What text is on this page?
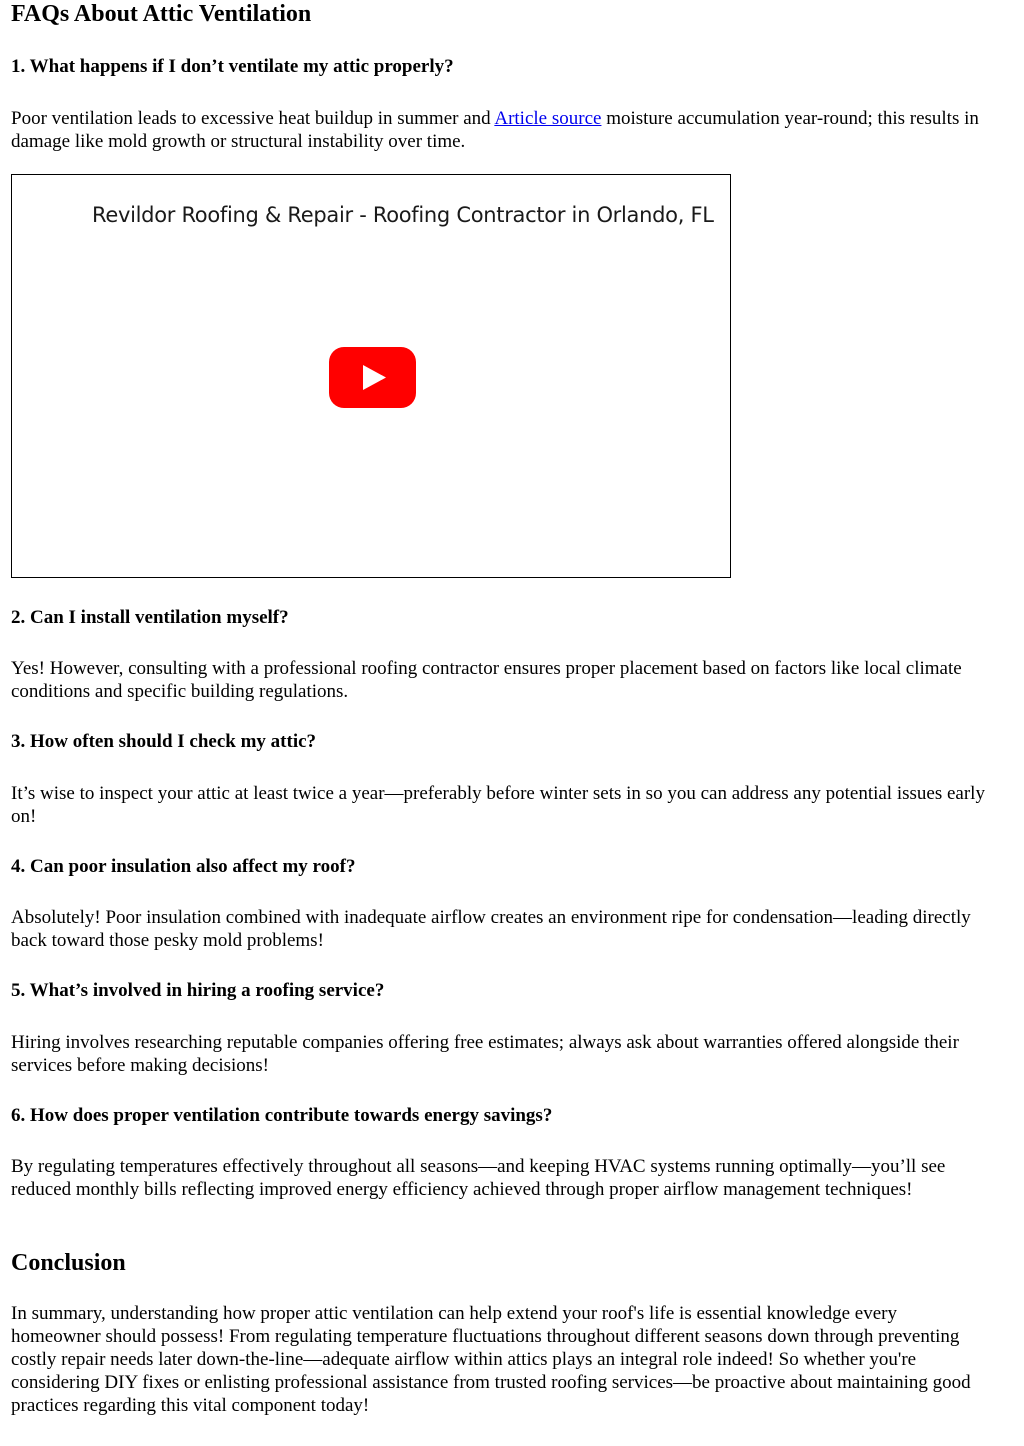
FAQs About Attic Ventilation
1. What happens if I don’t ventilate my attic properly?

Poor ventilation leads to excessive heat buildup in summer and Article source moisture accumulation year-round; this results in damage like mold growth or structural instability over time.

Revildor Roofing & Repair - Roofing Contractor in Orlando, FL
2. Can I install ventilation myself?

Yes! However, consulting with a professional roofing contractor ensures proper placement based on factors like local climate conditions and specific building regulations.

3. How often should I check my attic?

It’s wise to inspect your attic at least twice a year—preferably before winter sets in so you can address any potential issues early on!

4. Can poor insulation also affect my roof?

Absolutely! Poor insulation combined with inadequate airflow creates an environment ripe for condensation—leading directly back toward those pesky mold problems!

5. What’s involved in hiring a roofing service?

Hiring involves researching reputable companies offering free estimates; always ask about warranties offered alongside their services before making decisions!

6. How does proper ventilation contribute towards energy savings?

By regulating temperatures effectively throughout all seasons—and keeping HVAC systems running optimally—you’ll see reduced monthly bills reflecting improved energy efficiency achieved through proper airflow management techniques!

Conclusion

In summary, understanding how proper attic ventilation can help extend your roof's life is essential knowledge every homeowner should possess! From regulating temperature fluctuations throughout different seasons down through preventing costly repair needs later down-the-line—adequate airflow within attics plays an integral role indeed! So whether you're considering DIY fixes or enlisting professional assistance from trusted roofing services—be proactive about maintaining good practices regarding this vital component today!
